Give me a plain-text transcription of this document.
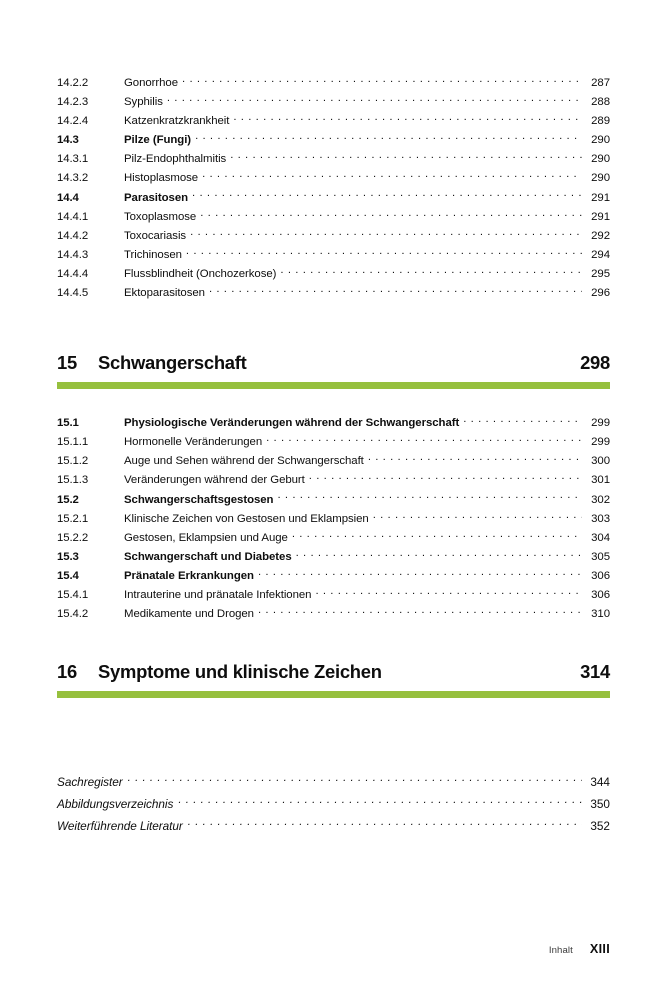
14.2.2	Gonorrhoe . . .	287
14.2.3	Syphilis . . .	288
14.2.4	Katzenkratzkrankheit . . .	289
14.3	Pilze (Fungi) . . .	290
14.3.1	Pilz-Endophthalmitis . . .	290
14.3.2	Histoplasmose . . .	290
14.4	Parasitosen . . .	291
14.4.1	Toxoplasmose . . .	291
14.4.2	Toxocariasis . . .	292
14.4.3	Trichinosen . . .	294
14.4.4	Flussblindheit (Onchozerkose) . . .	295
14.4.5	Ektoparasitosen . . .	296
15	Schwangerschaft	298
15.1	Physiologische Veränderungen während der Schwangerschaft . . .	299
15.1.1	Hormonelle Veränderungen . . .	299
15.1.2	Auge und Sehen während der Schwangerschaft . . .	300
15.1.3	Veränderungen während der Geburt . . .	301
15.2	Schwangerschaftsgestosen . . .	302
15.2.1	Klinische Zeichen von Gestosen und Eklampsien . . .	303
15.2.2	Gestosen, Eklampsien und Auge . . .	304
15.3	Schwangerschaft und Diabetes . . .	305
15.4	Pränatale Erkrankungen . . .	306
15.4.1	Intrauterine und pränatale Infektionen . . .	306
15.4.2	Medikamente und Drogen . . .	310
16	Symptome und klinische Zeichen	314
Sachregister . . .	344
Abbildungsverzeichnis . . .	350
Weiterführende Literatur . . .	352
Inhalt XIII
